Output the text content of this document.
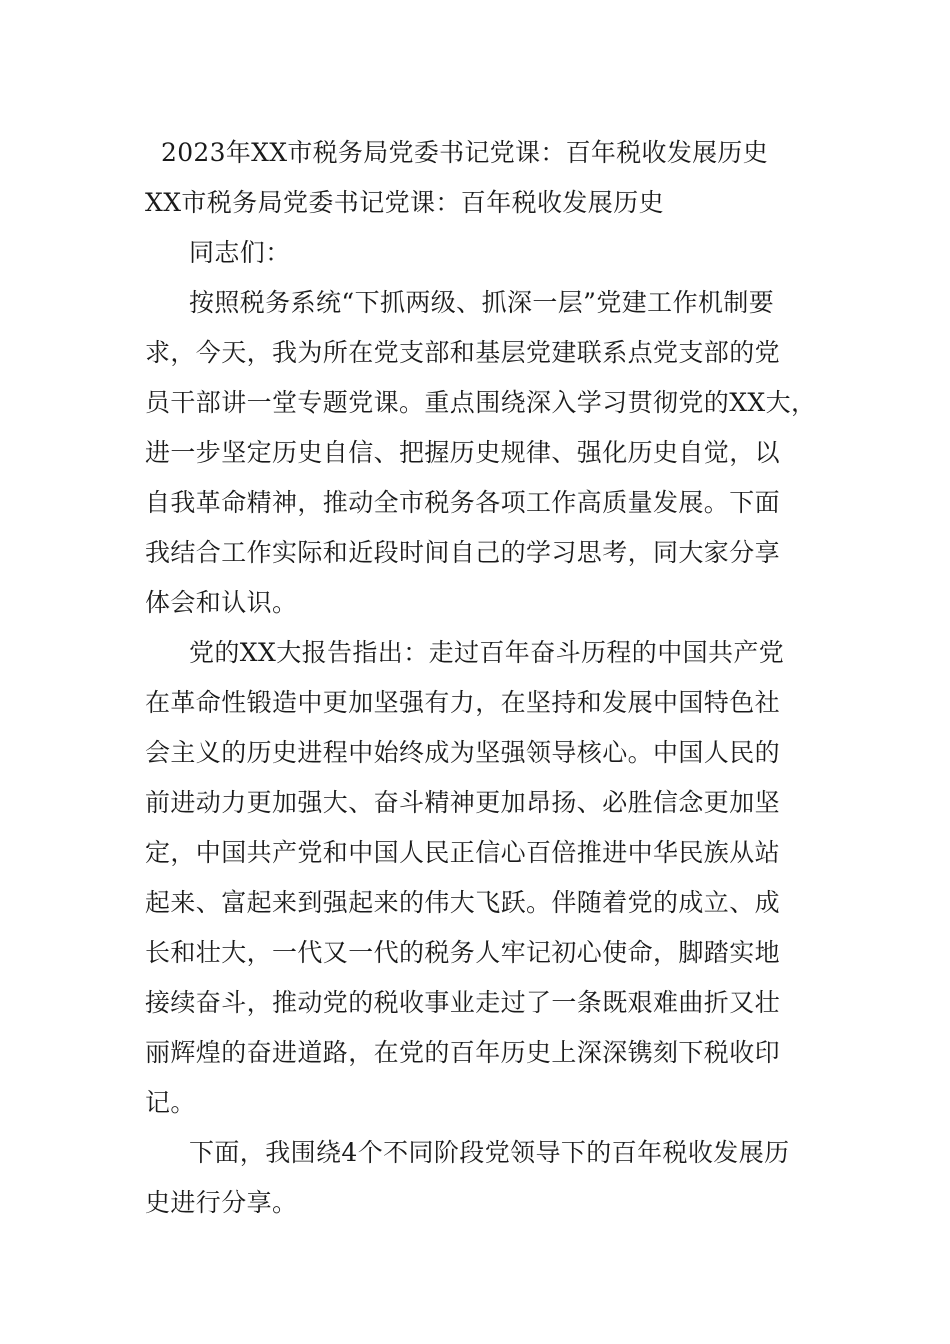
2023年XX市税务局党委书记党课：百年税收发展历史

XX市税务局党委书记党课：百年税收发展历史

同志们：

按照税务系统“下抓两级、抓深一层”党建工作机制要

求，今天，我为所在党支部和基层党建联系点党支部的党

员干部讲一堂专题党课。重点围绕深入学习贯彻党的XX大，

进一步坚定历史自信、把握历史规律、强化历史自觉，以

自我革命精神，推动全市税务各项工作高质量发展。下面

我结合工作实际和近段时间自己的学习思考，同大家分享

体会和认识。

党的XX大报告指出：走过百年奋斗历程的中国共产党

在革命性锻造中更加坚强有力，在坚持和发展中国特色社

会主义的历史进程中始终成为坚强领导核心。中国人民的

前进动力更加强大、奋斗精神更加昂扬、必胜信念更加坚

定，中国共产党和中国人民正信心百倍推进中华民族从站

起来、富起来到强起来的伟大飞跃。伴随着党的成立、成

长和壮大，一代又一代的税务人牢记初心使命，脚踏实地

接续奋斗，推动党的税收事业走过了一条既艰难曲折又壮

丽辉煌的奋进道路，在党的百年历史上深深镌刻下税收印

记。

下面，我围绕4个不同阶段党领导下的百年税收发展历

史进行分享。
